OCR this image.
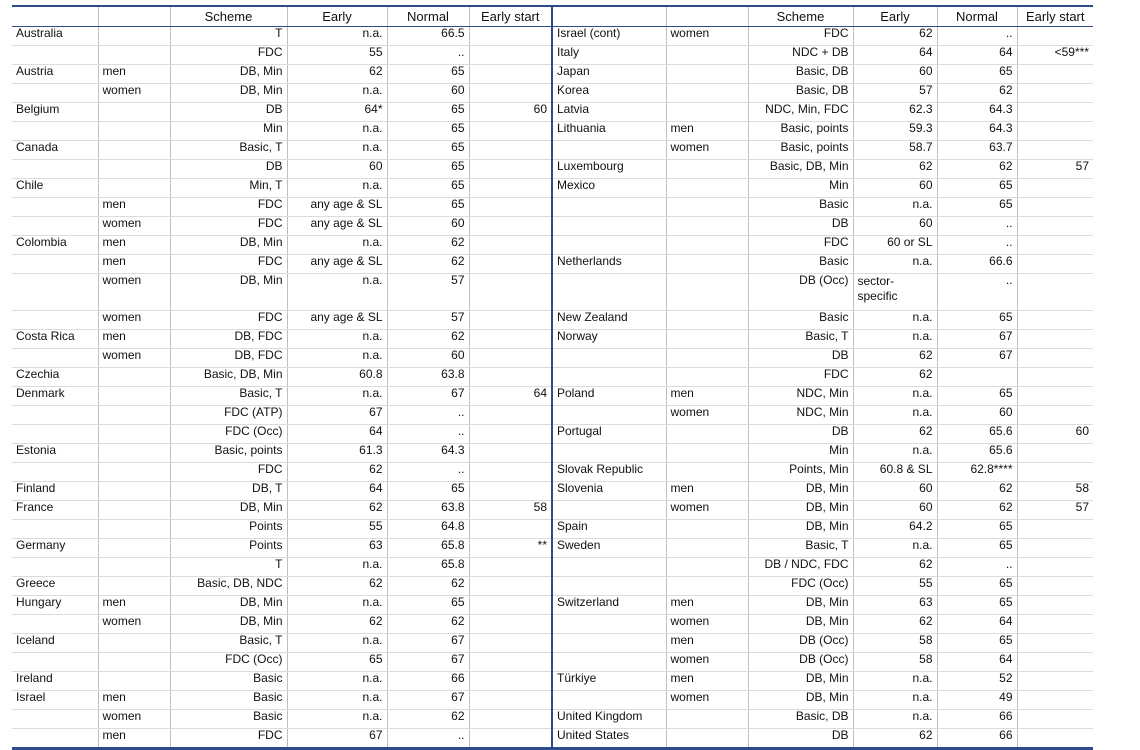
		Scheme	Early	Normal	Early start			Scheme	Early	Normal	Early start
Australia		T	n.a.	66.5		Israel (cont)	women	FDC	62	..	
		FDC	55	..		Italy		NDC + DB	64	64	<59***
Austria	men	DB, Min	62	65		Japan		Basic, DB	60	65	
	women	DB, Min	n.a.	60		Korea		Basic, DB	57	62	
Belgium		DB	64*	65	60	Latvia		NDC, Min, FDC	62.3	64.3	
		Min	n.a.	65		Lithuania	men	Basic, points	59.3	64.3	
Canada		Basic, T	n.a.	65			women	Basic, points	58.7	63.7	
		DB	60	65		Luxembourg		Basic, DB, Min	62	62	57
Chile		Min, T	n.a.	65		Mexico		Min	60	65	
	men	FDC	any age & SL	65				Basic	n.a.	65	
	women	FDC	any age & SL	60				DB	60	..	
Colombia	men	DB, Min	n.a.	62				FDC	60 or SL	..	
	men	FDC	any age & SL	62		Netherlands		Basic	n.a.	66.6	
	women	DB, Min	n.a.	57				DB (Occ)	sector-specific	..	
	women	FDC	any age & SL	57		New Zealand		Basic	n.a.	65	
Costa Rica	men	DB, FDC	n.a.	62		Norway		Basic, T	n.a.	67	
	women	DB, FDC	n.a.	60				DB	62	67	
Czechia		Basic, DB, Min	60.8	63.8				FDC	62		
Denmark		Basic, T	n.a.	67	64	Poland	men	NDC, Min	n.a.	65	
		FDC (ATP)	67	..			women	NDC, Min	n.a.	60	
		FDC (Occ)	64	..		Portugal		DB	62	65.6	60
Estonia		Basic, points	61.3	64.3				Min	n.a.	65.6	
		FDC	62	..		Slovak Republic		Points, Min	60.8 & SL	62.8****	
Finland		DB, T	64	65		Slovenia	men	DB, Min	60	62	58
France		DB, Min	62	63.8	58		women	DB, Min	60	62	57
		Points	55	64.8		Spain		DB, Min	64.2	65	
Germany		Points	63	65.8	**	Sweden		Basic, T	n.a.	65	
		T	n.a.	65.8				DB / NDC, FDC	62	..	
Greece		Basic, DB, NDC	62	62				FDC (Occ)	55	65	
Hungary	men	DB, Min	n.a.	65		Switzerland	men	DB, Min	63	65	
	women	DB, Min	62	62			women	DB, Min	62	64	
Iceland		Basic, T	n.a.	67			men	DB (Occ)	58	65	
		FDC (Occ)	65	67			women	DB (Occ)	58	64	
Ireland		Basic	n.a.	66		Türkiye	men	DB, Min	n.a.	52	
Israel	men	Basic	n.a.	67			women	DB, Min	n.a.	49	
	women	Basic	n.a.	62		United Kingdom		Basic, DB	n.a.	66	
	men	FDC	67	..		United States		DB	62	66	
